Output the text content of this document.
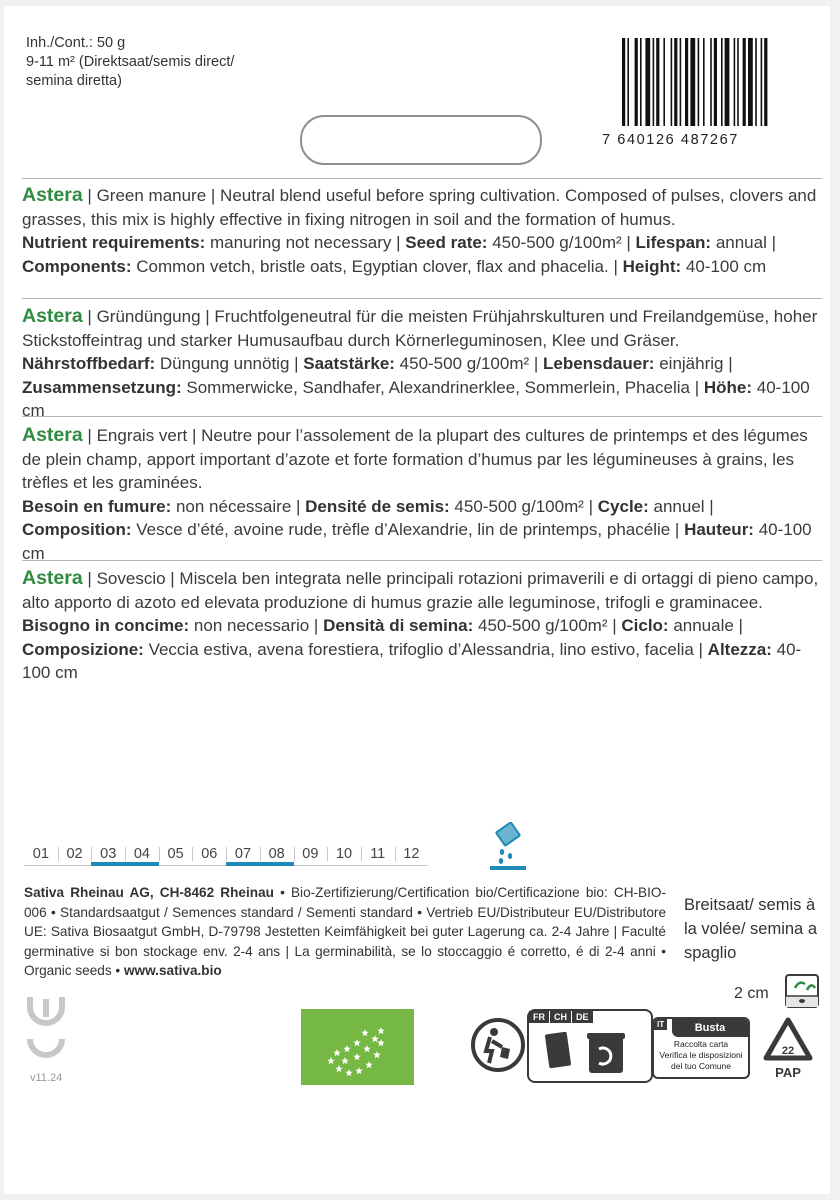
Inh./Cont.: 50 g
9-11 m² (Direktsaat/semis direct/
semina diretta)
7 640126 487267
Astera | Green manure | Neutral blend useful before spring cultivation. Composed of pulses, clovers and grasses, this mix is highly effective in fixing nitrogen in soil and the formation of humus.
Nutrient requirements: manuring not necessary | Seed rate: 450-500 g/100m² | Lifespan: annual | Components: Common vetch, bristle oats, Egyptian clover, flax and phacelia. | Height: 40-100 cm
Astera | Gründüngung | Fruchtfolgeneutral für die meisten Frühjahrskulturen und Freilandgemüse, hoher Stickstoffeintrag und starker Humusaufbau durch Körnerleguminosen, Klee und Gräser.
Nährstoffbedarf: Düngung unnötig | Saatstärke: 450-500 g/100m² | Lebensdauer: einjährig | Zusammensetzung: Sommerwicke, Sandhafer, Alexandrinerklee, Sommerlein, Phacelia | Höhe: 40-100 cm
Astera | Engrais vert | Neutre pour l’assolement de la plupart des cultures de printemps et des légumes de plein champ, apport important d’azote et forte formation d’humus par les légumineuses à grains, les trèfles et les graminées.
Besoin en fumure: non nécessaire | Densité de semis: 450-500 g/100m² | Cycle: annuel | Composition: Vesce d’été, avoine rude, trèfle d’Alexandrie, lin de printemps, phacélie | Hauteur: 40-100 cm
Astera | Sovescio | Miscela ben integrata nelle principali rotazioni primaverili e di ortaggi di pieno campo, alto apporto di azoto ed elevata produzione di humus grazie alle leguminose, trifogli e graminacee.
Bisogno in concime: non necessario | Densità di semina: 450-500 g/100m² | Ciclo: annuale | Composizione: Veccia estiva, avena forestiera, trifoglio d’Alessandria, lino estivo, facelia | Altezza: 40-100 cm
01	02	03	04	05	06	07	08	09	10	11	12
Sativa Rheinau AG, CH-8462 Rheinau • Bio-Zertifizierung/Certification bio/Certificazione bio: CH-BIO-006 • Standardsaatgut / Semences standard / Sementi standard • Vertrieb EU/Distributeur EU/Distributore UE: Sativa Biosaatgut GmbH, D-79798 Jestetten Keimfähigkeit bei guter Lagerung ca. 2-4 Jahre | Faculté germinative si bon stockage env. 2-4 ans | La germinabilità, se lo stoccaggio é corretto, é di 2-4 anni • Organic seeds • www.sativa.bio
Breitsaat/ semis à la volée/ semina a spaglio
2 cm
v11.24
FR	CH	DE
IT	Busta
Raccolta carta
Verifica le disposizioni
del tuo Comune
22
PAP
